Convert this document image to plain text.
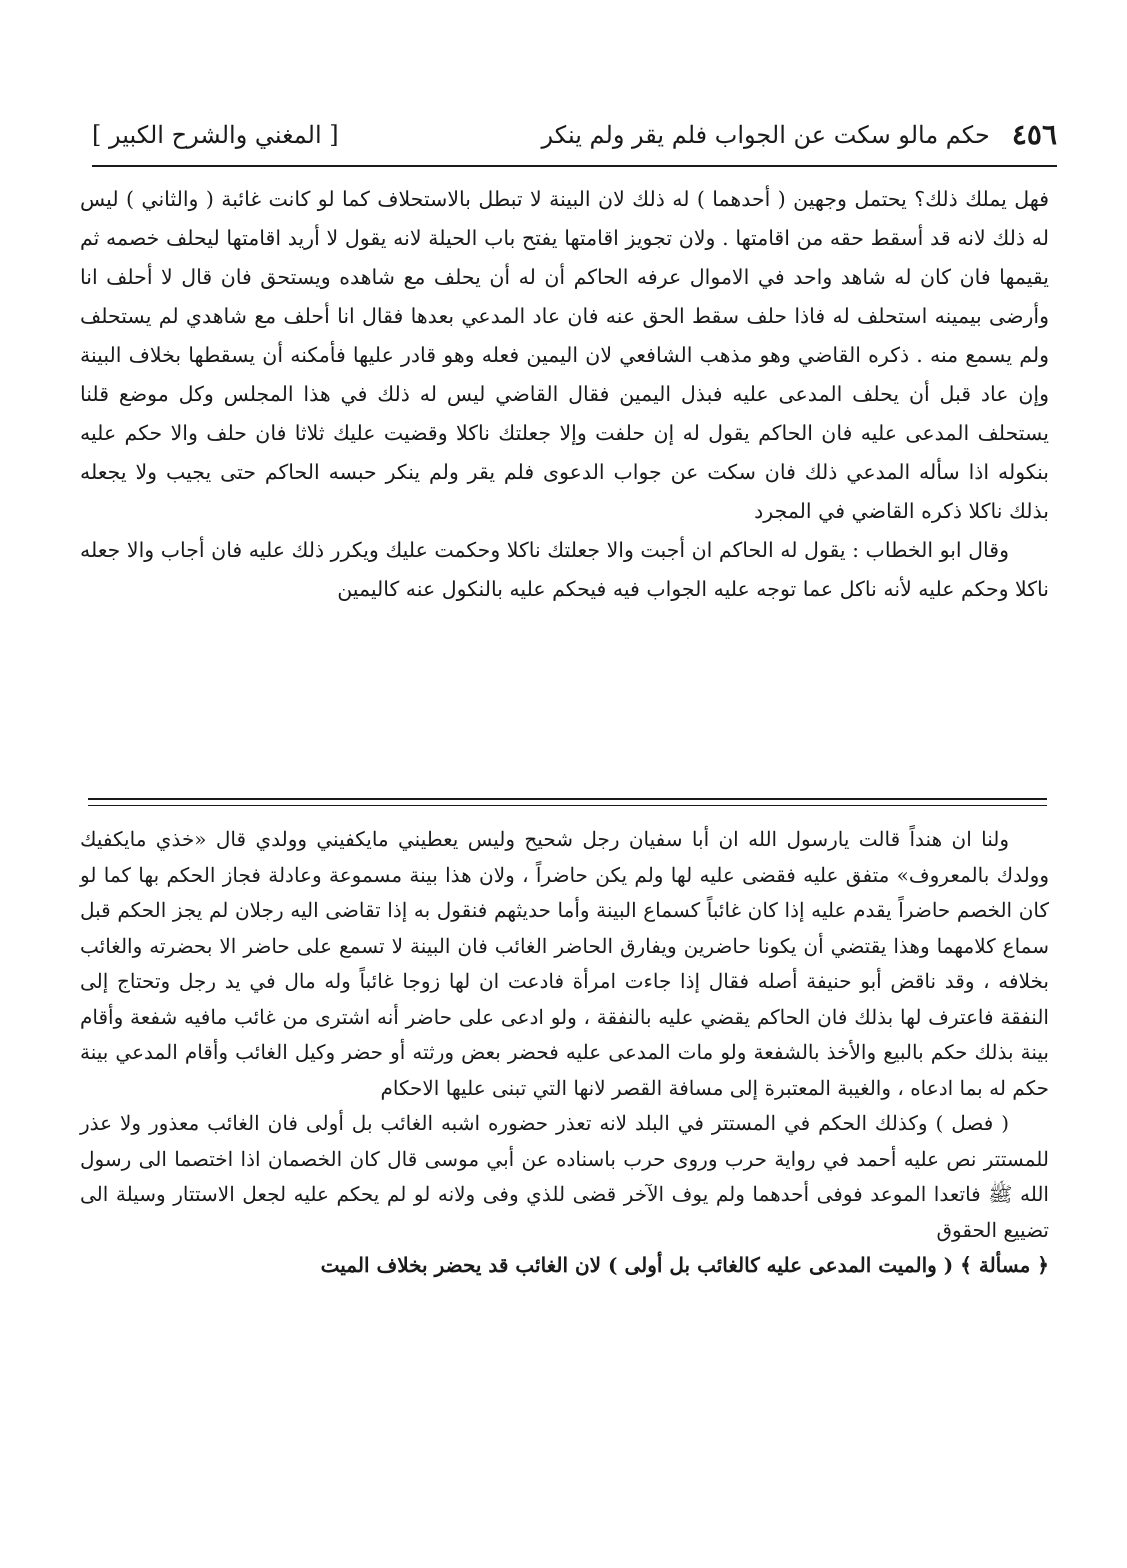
٤٥٦
حكم مالو سكت عن الجواب فلم يقر ولم ينكر
[ المغني والشرح الكبير ]

فهل يملك ذلك؟ يحتمل وجهين ( أحدهما ) له ذلك لان البينة لا تبطل بالاستحلاف كما لو كانت غائبة ( والثاني ) ليس له ذلك لانه قد أسقط حقه من اقامتها . ولان تجويز اقامتها يفتح باب الحيلة لانه يقول لا أريد اقامتها ليحلف خصمه ثم يقيمها فان كان له شاهد واحد في الاموال عرفه الحاكم أن له أن يحلف مع شاهده ويستحق فان قال لا أحلف انا وأرضى بيمينه استحلف له فاذا حلف سقط الحق عنه فان عاد المدعي بعدها فقال انا أحلف مع شاهدي لم يستحلف ولم يسمع منه . ذكره القاضي وهو مذهب الشافعي لان اليمين فعله وهو قادر عليها فأمكنه أن يسقطها بخلاف البينة وإن عاد قبل أن يحلف المدعى عليه فبذل اليمين فقال القاضي ليس له ذلك في هذا المجلس وكل موضع قلنا يستحلف المدعى عليه فان الحاكم يقول له إن حلفت وإلا جعلتك ناكلا وقضيت عليك ثلاثا فان حلف والا حكم عليه بنكوله اذا سأله المدعي ذلك فان سكت عن جواب الدعوى فلم يقر ولم ينكر حبسه الحاكم حتى يجيب ولا يجعله بذلك ناكلا ذكره القاضي في المجرد

وقال ابو الخطاب : يقول له الحاكم ان أجبت والا جعلتك ناكلا وحكمت عليك ويكرر ذلك عليه فان أجاب والا جعله ناكلا وحكم عليه لأنه ناكل عما توجه عليه الجواب فيه فيحكم عليه بالنكول عنه كاليمين

ولنا ان هنداً قالت يارسول الله ان أبا سفيان رجل شحيح وليس يعطيني مايكفيني وولدي قال «خذي مايكفيك وولدك بالمعروف» متفق عليه فقضى عليه لها ولم يكن حاضراً ، ولان هذا بينة مسموعة وعادلة فجاز الحكم بها كما لو كان الخصم حاضراً يقدم عليه إذا كان غائباً كسماع البينة وأما حديثهم فنقول به إذا تقاضى اليه رجلان لم يجز الحكم قبل سماع كلامهما وهذا يقتضي أن يكونا حاضرين ويفارق الحاضر الغائب فان البينة لا تسمع على حاضر الا بحضرته والغائب بخلافه ، وقد ناقض أبو حنيفة أصله فقال إذا جاءت امرأة فادعت ان لها زوجا غائباً وله مال في يد رجل وتحتاج إلى النفقة فاعترف لها بذلك فان الحاكم يقضي عليه بالنفقة ، ولو ادعى على حاضر أنه اشترى من غائب مافيه شفعة وأقام بينة بذلك حكم بالبيع والأخذ بالشفعة ولو مات المدعى عليه فحضر بعض ورثته أو حضر وكيل الغائب وأقام المدعي بينة حكم له بما ادعاه ، والغيبة المعتبرة إلى مسافة القصر لانها التي تبنى عليها الاحكام

( فصل ) وكذلك الحكم في المستتر في البلد لانه تعذر حضوره اشبه الغائب بل أولى فان الغائب معذور ولا عذر للمستتر نص عليه أحمد في رواية حرب وروى حرب باسناده عن أبي موسى قال كان الخصمان اذا اختصما الى رسول الله ﷺ فاتعدا الموعد فوفى أحدهما ولم يوف الآخر قضى للذي وفى ولانه لو لم يحكم عليه لجعل الاستتار وسيلة الى تضييع الحقوق

﴿ مسألة ﴾ ( والميت المدعى عليه كالغائب بل أولى ) لان الغائب قد يحضر بخلاف الميت
